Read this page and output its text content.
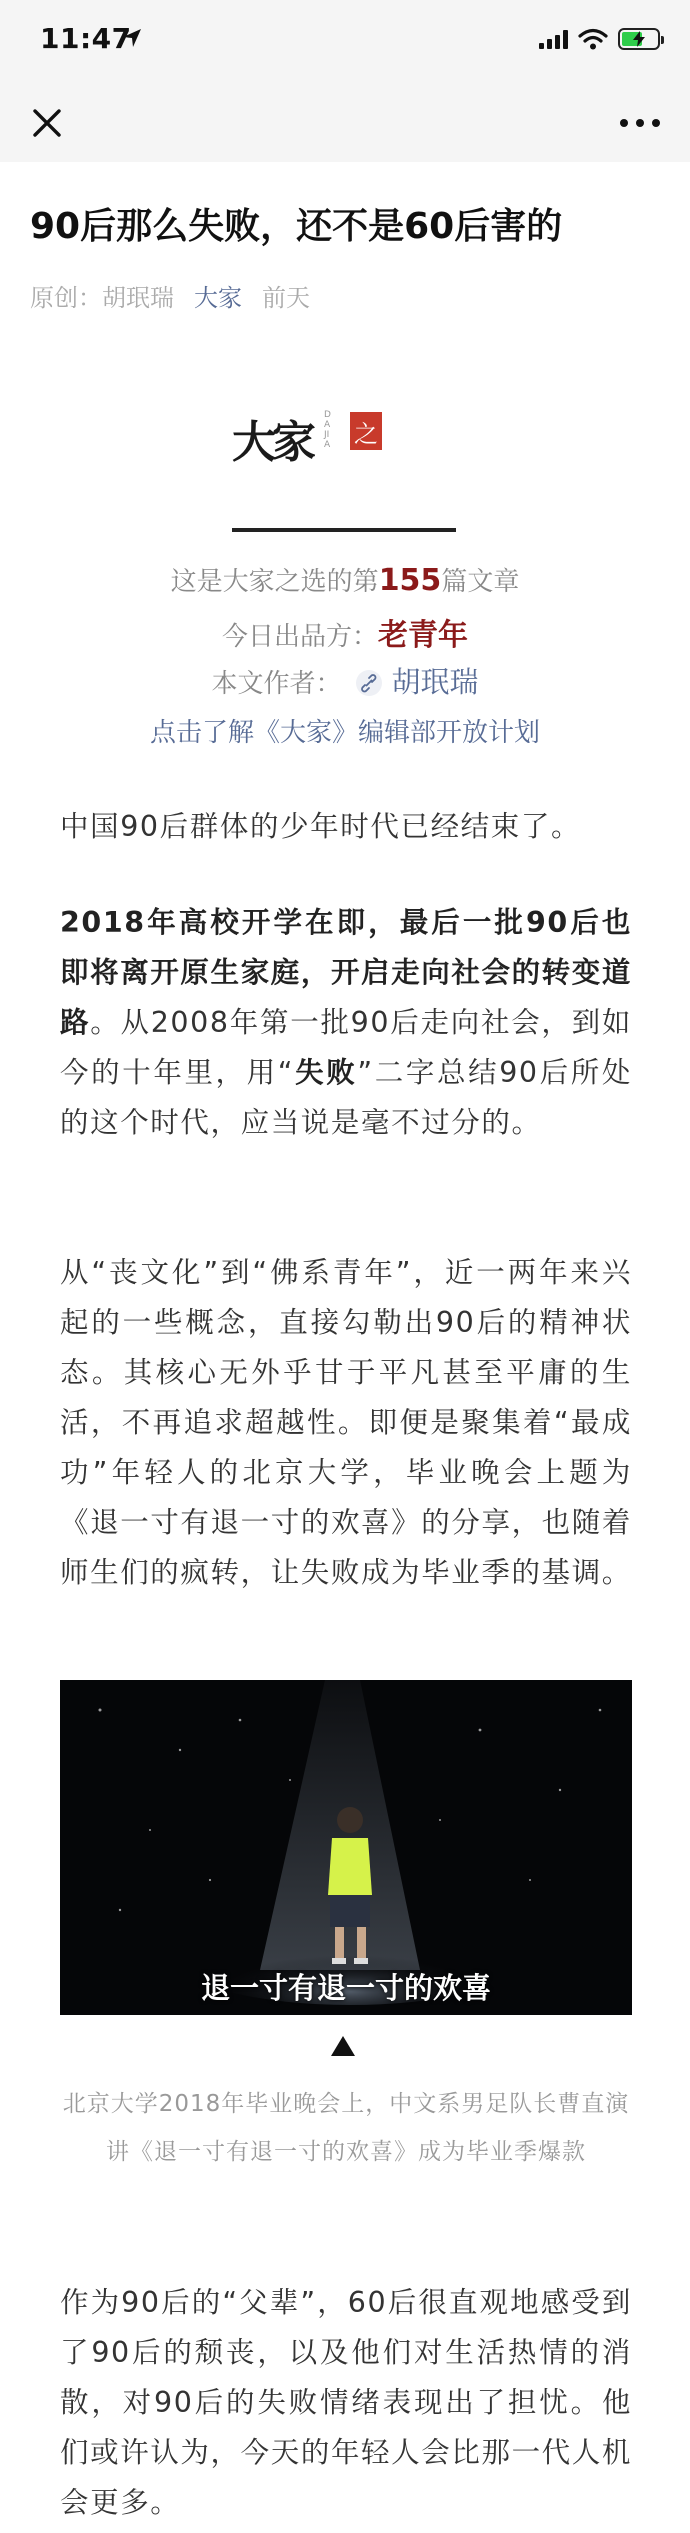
11:47
90后那么失败，还不是60后害的
原创：胡珉瑞 大家 前天
大家
DAJIA 之
这是大家之选的第155篇文章
今日出品方：老青年
本文作者： 胡珉瑞
点击了解《大家》编辑部开放计划

中国90后群体的少年时代已经结束了。

2018年高校开学在即，最后一批90后也即将离开原生家庭，开启走向社会的转变道路。从2008年第一批90后走向社会，到如今的十年里，用“失败”二字总结90后所处的这个时代，应当说是毫不过分的。

从“丧文化”到“佛系青年”，近一两年来兴起的一些概念，直接勾勒出90后的精神状态。其核心无外乎甘于平凡甚至平庸的生活，不再追求超越性。即便是聚集着“最成功”年轻人的北京大学，毕业晚会上题为《退一寸有退一寸的欢喜》的分享，也随着师生们的疯转，让失败成为毕业季的基调。

退一寸有退一寸的欢喜

北京大学2018年毕业晚会上，中文系男足队长曹直演讲《退一寸有退一寸的欢喜》成为毕业季爆款

作为90后的“父辈”，60后很直观地感受到了90后的颓丧，以及他们对生活热情的消散，对90后的失败情绪表现出了担忧。他们或许认为，今天的年轻人会比那一代人机会更多。
